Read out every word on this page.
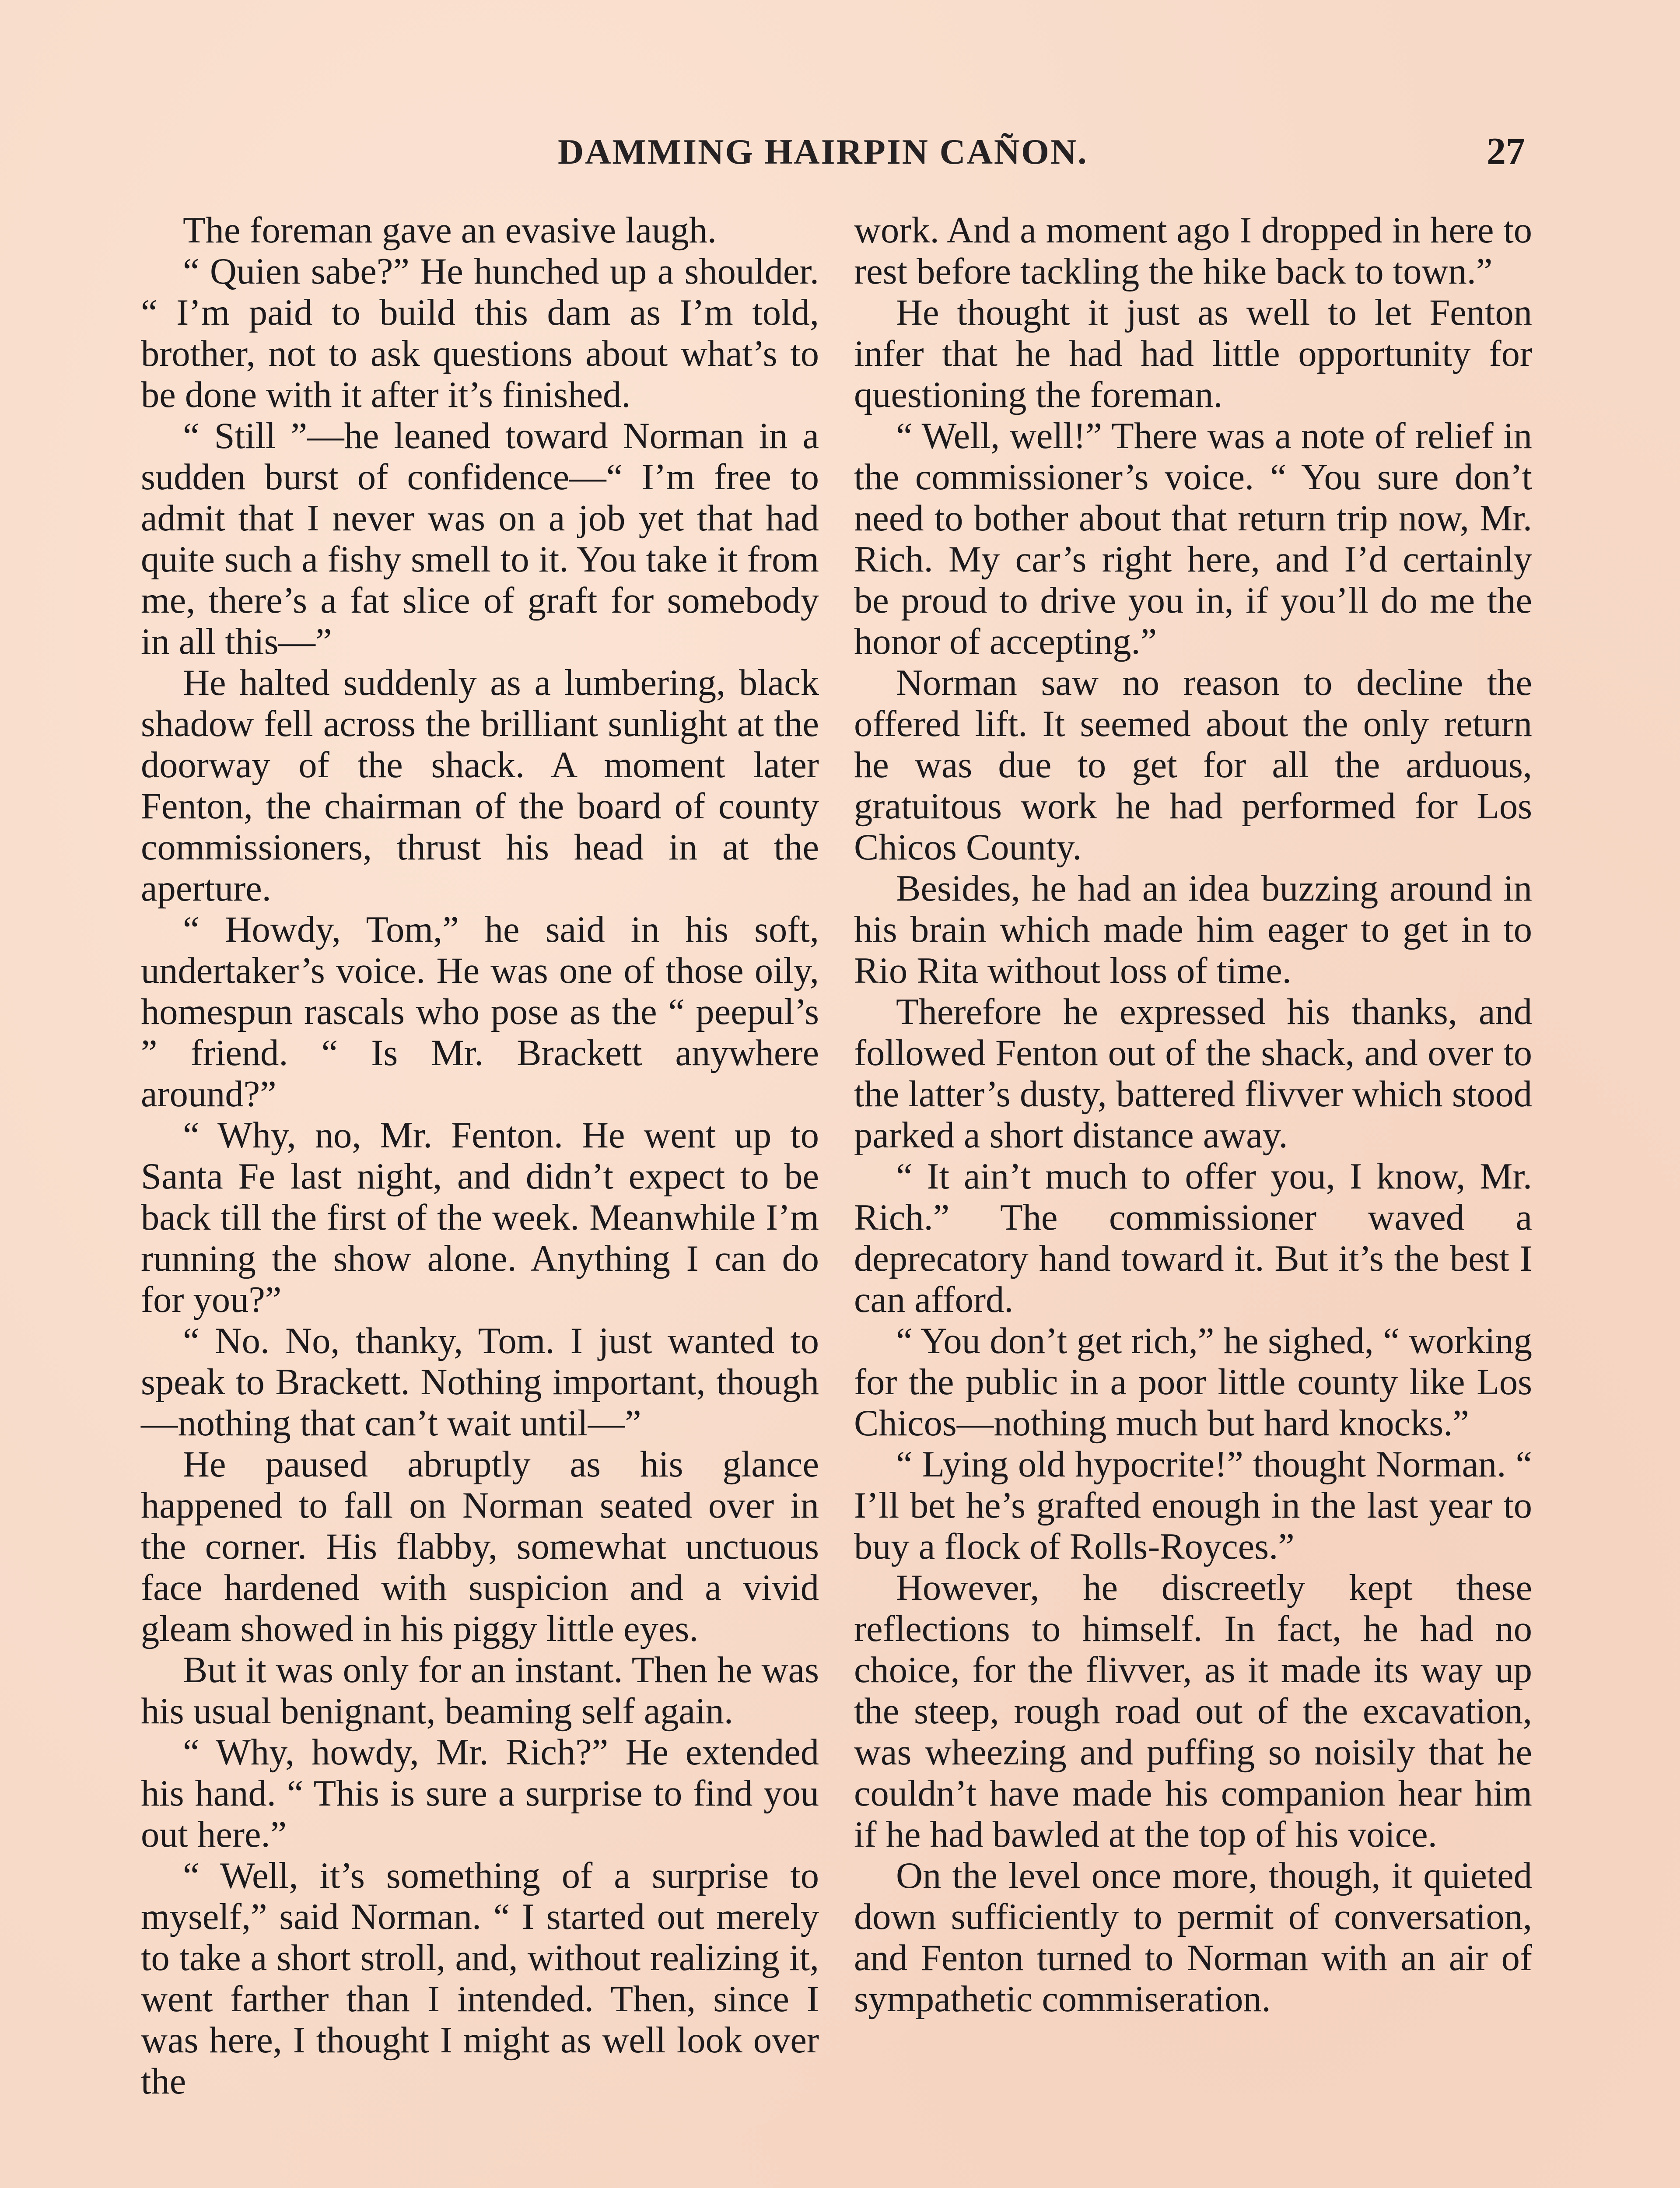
DAMMING HAIRPIN CAÑON.	27

The foreman gave an evasive laugh.

“ Quien sabe?” He hunched up a shoulder. “ I’m paid to build this dam as I’m told, brother, not to ask questions about what’s to be done with it after it’s finished.

“ Still ”—he leaned toward Norman in a sudden burst of confidence—“ I’m free to admit that I never was on a job yet that had quite such a fishy smell to it. You take it from me, there’s a fat slice of graft for somebody in all this—”

He halted suddenly as a lumbering, black shadow fell across the brilliant sunlight at the doorway of the shack. A moment later Fenton, the chairman of the board of county commissioners, thrust his head in at the aperture.

“ Howdy, Tom,” he said in his soft, undertaker’s voice. He was one of those oily, homespun rascals who pose as the “ peepul’s ” friend. “ Is Mr. Brackett anywhere around?”

“ Why, no, Mr. Fenton. He went up to Santa Fe last night, and didn’t expect to be back till the first of the week. Meanwhile I’m running the show alone. Anything I can do for you?”

“ No. No, thanky, Tom. I just wanted to speak to Brackett. Nothing important, though—nothing that can’t wait until—”

He paused abruptly as his glance happened to fall on Norman seated over in the corner. His flabby, somewhat unctuous face hardened with suspicion and a vivid gleam showed in his piggy little eyes.

But it was only for an instant. Then he was his usual benignant, beaming self again.

“ Why, howdy, Mr. Rich?” He extended his hand. “ This is sure a surprise to find you out here.”

“ Well, it’s something of a surprise to myself,” said Norman. “ I started out merely to take a short stroll, and, without realizing it, went farther than I intended. Then, since I was here, I thought I might as well look over the

work. And a moment ago I dropped in here to rest before tackling the hike back to town.”

He thought it just as well to let Fenton infer that he had had little opportunity for questioning the foreman.

“ Well, well!” There was a note of relief in the commissioner’s voice. “ You sure don’t need to bother about that return trip now, Mr. Rich. My car’s right here, and I’d certainly be proud to drive you in, if you’ll do me the honor of accepting.”

Norman saw no reason to decline the offered lift. It seemed about the only return he was due to get for all the arduous, gratuitous work he had performed for Los Chicos County.

Besides, he had an idea buzzing around in his brain which made him eager to get in to Rio Rita without loss of time.

Therefore he expressed his thanks, and followed Fenton out of the shack, and over to the latter’s dusty, battered flivver which stood parked a short distance away.

“ It ain’t much to offer you, I know, Mr. Rich.” The commissioner waved a deprecatory hand toward it. But it’s the best I can afford.

“ You don’t get rich,” he sighed, “ working for the public in a poor little county like Los Chicos—nothing much but hard knocks.”

“ Lying old hypocrite!” thought Norman. “ I’ll bet he’s grafted enough in the last year to buy a flock of Rolls-Royces.”

However, he discreetly kept these reflections to himself. In fact, he had no choice, for the flivver, as it made its way up the steep, rough road out of the excavation, was wheezing and puffing so noisily that he couldn’t have made his companion hear him if he had bawled at the top of his voice.

On the level once more, though, it quieted down sufficiently to permit of conversation, and Fenton turned to Norman with an air of sympathetic commiseration.
